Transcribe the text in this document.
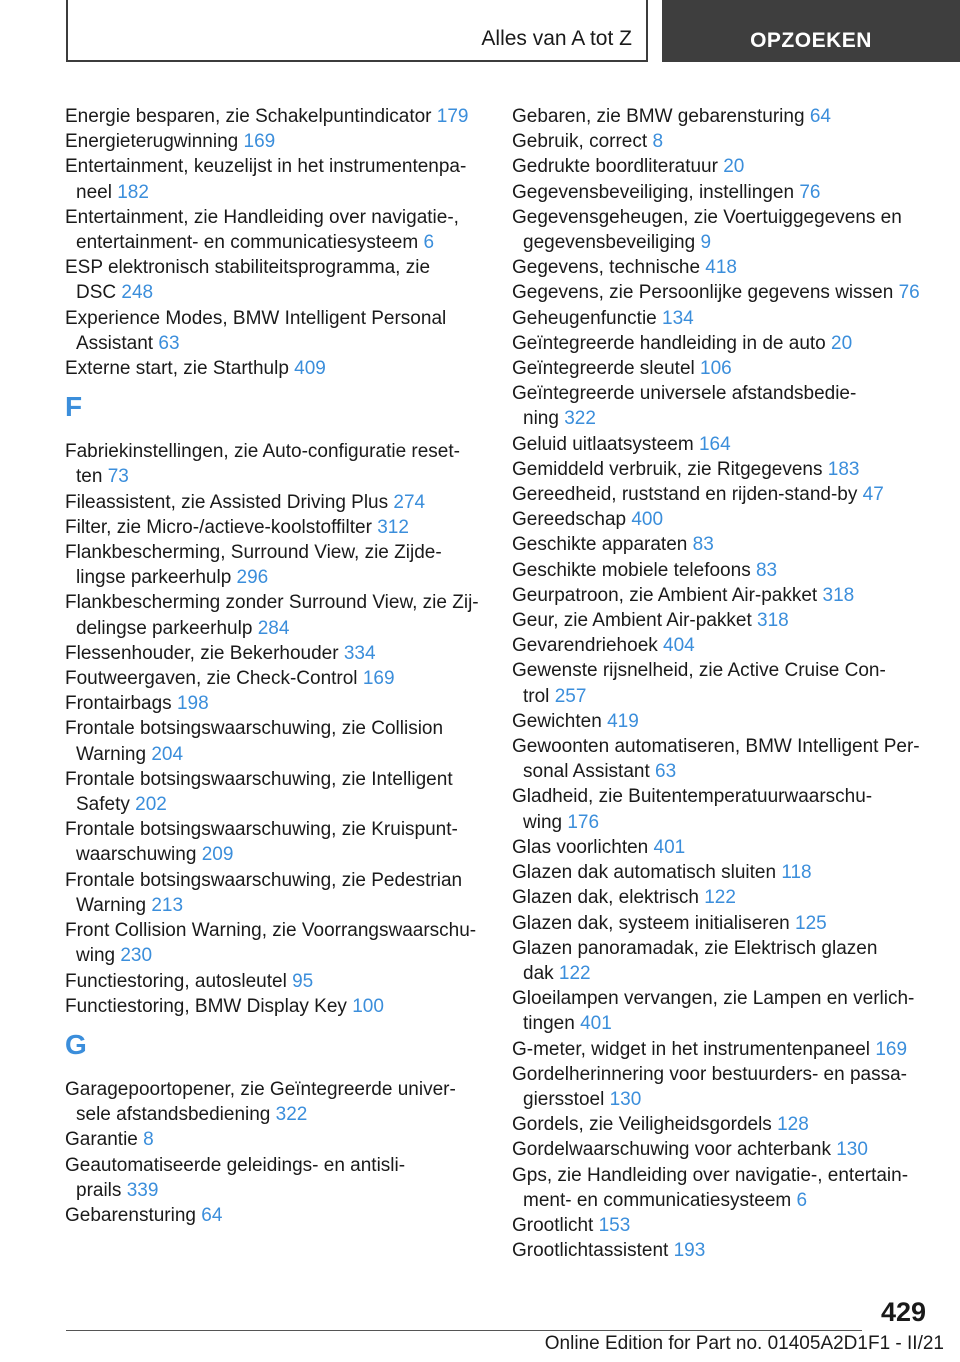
Alles van A tot Z	OPZOEKEN
Energie besparen, zie Schakelpuntindicator 179
Energieterugwinning 169
Entertainment, keuzelijst in het instrumentenpa-
neel 182
Entertainment, zie Handleiding over navigatie-,
entertainment- en communicatiesysteem 6
ESP elektronisch stabiliteitsprogramma, zie
DSC 248
Experience Modes, BMW Intelligent Personal
Assistant 63
Externe start, zie Starthulp 409
F
Fabriekinstellingen, zie Auto-configuratie reset-
ten 73
Fileassistent, zie Assisted Driving Plus 274
Filter, zie Micro-/actieve-koolstoffilter 312
Flankbescherming, Surround View, zie Zijde-
lingse parkeerhulp 296
Flankbescherming zonder Surround View, zie Zij-
delingse parkeerhulp 284
Flessenhouder, zie Bekerhouder 334
Foutweergaven, zie Check-Control 169
Frontairbags 198
Frontale botsingswaarschuwing, zie Collision
Warning 204
Frontale botsingswaarschuwing, zie Intelligent
Safety 202
Frontale botsingswaarschuwing, zie Kruispunt-
waarschuwing 209
Frontale botsingswaarschuwing, zie Pedestrian
Warning 213
Front Collision Warning, zie Voorrangswaarschu-
wing 230
Functiestoring, autosleutel 95
Functiestoring, BMW Display Key 100
G
Garagepoortopener, zie Geïntegreerde univer-
sele afstandsbediening 322
Garantie 8
Geautomatiseerde geleidings- en antisli-
prails 339
Gebarensturing 64
Gebaren, zie BMW gebarensturing 64
Gebruik, correct 8
Gedrukte boordliteratuur 20
Gegevensbeveiliging, instellingen 76
Gegevensgeheugen, zie Voertuiggegevens en
gegevensbeveiliging 9
Gegevens, technische 418
Gegevens, zie Persoonlijke gegevens wissen 76
Geheugenfunctie 134
Geïntegreerde handleiding in de auto 20
Geïntegreerde sleutel 106
Geïntegreerde universele afstandsbedie-
ning 322
Geluid uitlaatsysteem 164
Gemiddeld verbruik, zie Ritgegevens 183
Gereedheid, ruststand en rijden-stand-by 47
Gereedschap 400
Geschikte apparaten 83
Geschikte mobiele telefoons 83
Geurpatroon, zie Ambient Air-pakket 318
Geur, zie Ambient Air-pakket 318
Gevarendriehoek 404
Gewenste rijsnelheid, zie Active Cruise Con-
trol 257
Gewichten 419
Gewoonten automatiseren, BMW Intelligent Per-
sonal Assistant 63
Gladheid, zie Buitentemperatuurwaarschu-
wing 176
Glas voorlichten 401
Glazen dak automatisch sluiten 118
Glazen dak, elektrisch 122
Glazen dak, systeem initialiseren 125
Glazen panoramadak, zie Elektrisch glazen
dak 122
Gloeilampen vervangen, zie Lampen en verlich-
tingen 401
G-meter, widget in het instrumentenpaneel 169
Gordelherinnering voor bestuurders- en passa-
giersstoel 130
Gordels, zie Veiligheidsgordels 128
Gordelwaarschuwing voor achterbank 130
Gps, zie Handleiding over navigatie-, entertain-
ment- en communicatiesysteem 6
Grootlicht 153
Grootlichtassistent 193
429
Online Edition for Part no. 01405A2D1F1 - II/21
